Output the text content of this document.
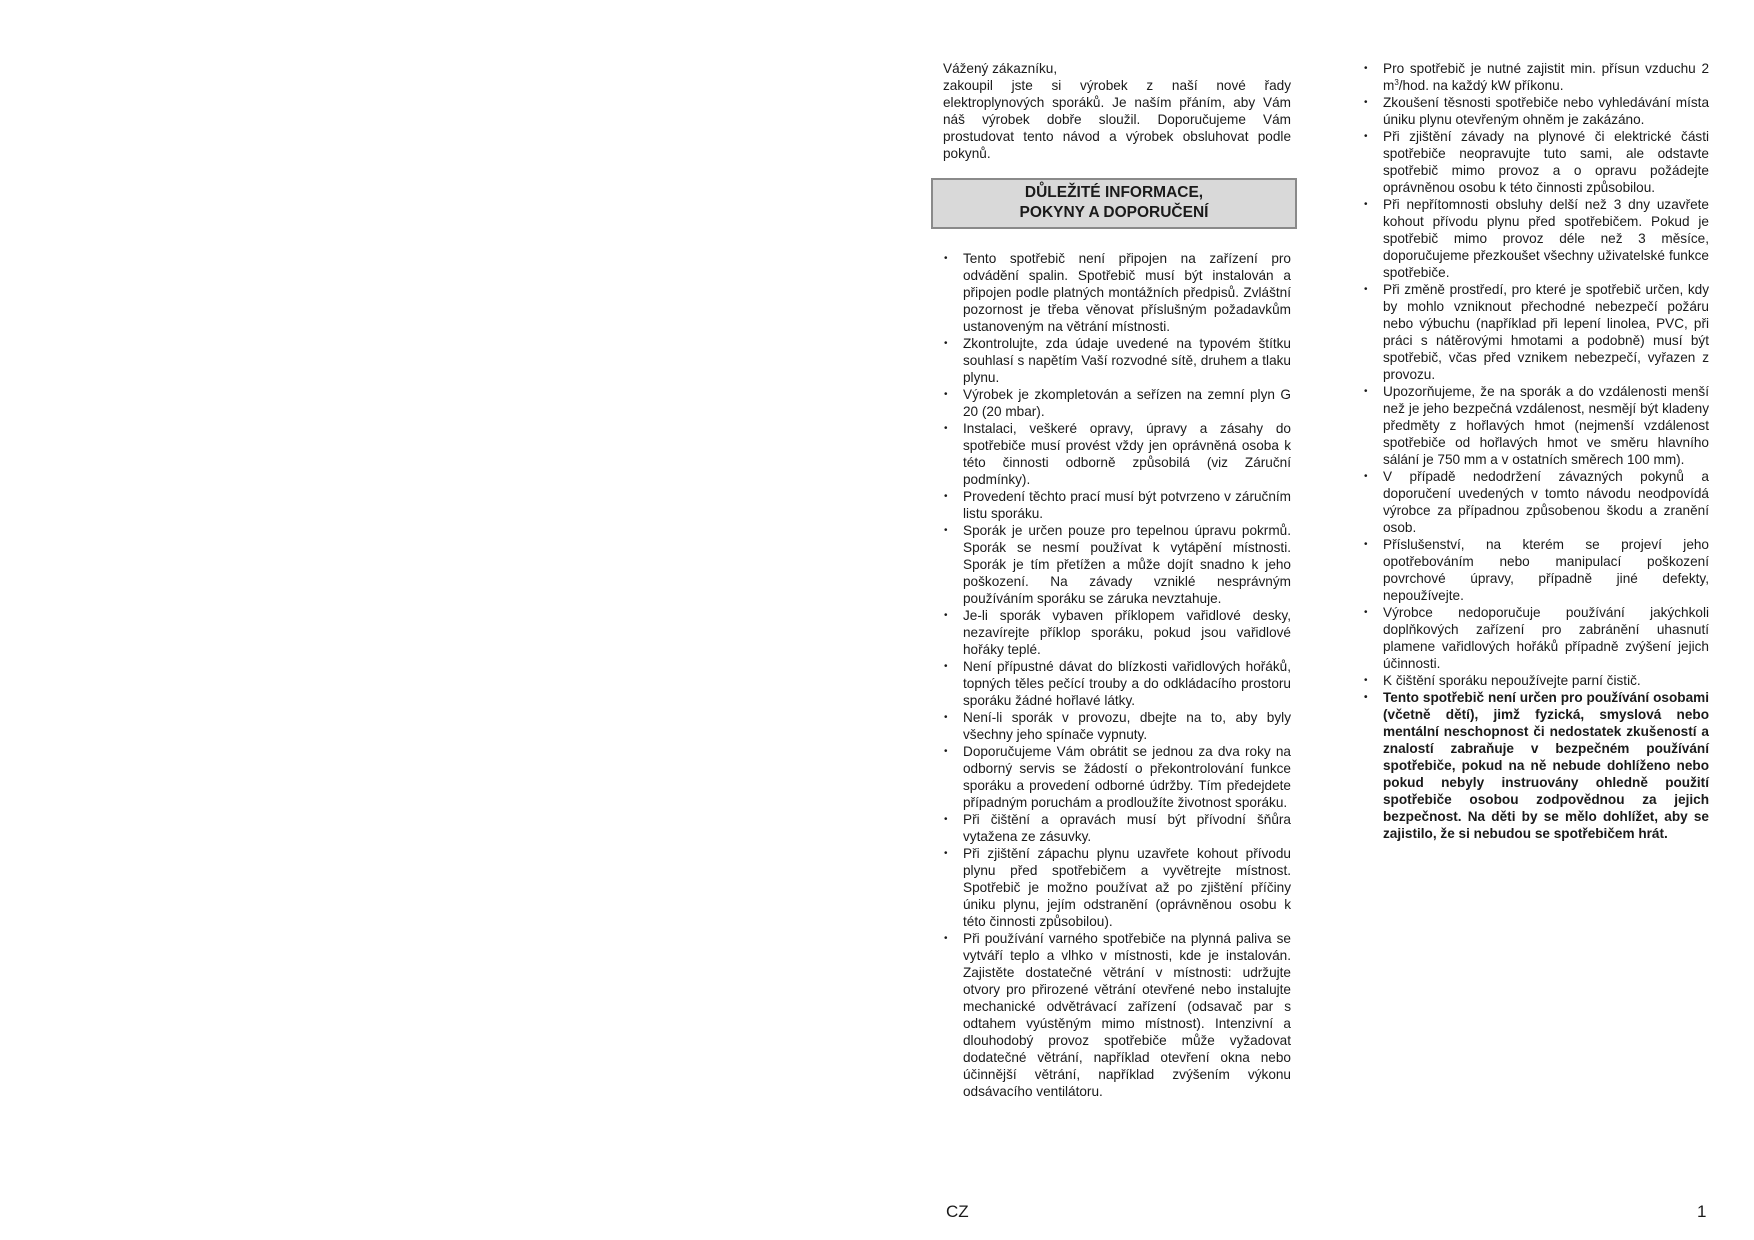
Vážený zákazníku,

zakoupil jste si výrobek z naší nové řady elektroplynových sporáků. Je naším přáním, aby Vám náš výrobek dobře sloužil. Doporučujeme Vám prostudovat tento návod a výrobek obsluhovat podle pokynů.

DŮLEŽITÉ INFORMACE,
POKYNY A DOPORUČENÍ
• Tento spotřebič není připojen na zařízení pro odvádění spalin. Spotřebič musí být instalován a připojen podle platných montážních předpisů. Zvláštní pozornost je třeba věnovat příslušným požadavkům ustanoveným na větrání místnosti.
• Zkontrolujte, zda údaje uvedené na typovém štítku souhlasí s napětím Vaší rozvodné sítě, druhem a tlaku plynu.
• Výrobek je zkompletován a seřízen na zemní plyn G 20 (20 mbar).
• Instalaci, veškeré opravy, úpravy a zásahy do spotřebiče musí provést vždy jen oprávněná osoba k této činnosti odborně způsobilá (viz Záruční podmínky).
• Provedení těchto prací musí být potvrzeno v záručním listu sporáku.
• Sporák je určen pouze pro tepelnou úpravu pokrmů. Sporák se nesmí používat k vytápění místnosti. Sporák je tím přetížen a může dojít snadno k jeho poškození. Na závady vzniklé nesprávným používáním sporáku se záruka nevztahuje.
• Je-li sporák vybaven příklopem vařidlové desky, nezavírejte příklop sporáku, pokud jsou vařidlové hořáky teplé.
• Není přípustné dávat do blízkosti vařidlových hořáků, topných těles pečící trouby a do odkládacího prostoru sporáku žádné hořlavé látky.
• Není-li sporák v provozu, dbejte na to, aby byly všechny jeho spínače vypnuty.
• Doporučujeme Vám obrátit se jednou za dva roky na odborný servis se žádostí o překontrolování funkce sporáku a provedení odborné údržby. Tím předejdete případným poruchám a prodloužíte životnost sporáku.
• Při čištění a opravách musí být přívodní šňůra vytažena ze zásuvky.
• Při zjištění zápachu plynu uzavřete kohout přívodu plynu před spotřebičem a vyvětrejte místnost. Spotřebič je možno používat až po zjištění příčiny úniku plynu, jejím odstranění (oprávněnou osobu k této činnosti způsobilou).
• Při používání varného spotřebiče na plynná paliva se vytváří teplo a vlhko v místnosti, kde je instalován. Zajistěte dostatečné větrání v místnosti: udržujte otvory pro přirozené větrání otevřené nebo instalujte mechanické odvětrávací zařízení (odsavač par s odtahem vyústěným mimo místnost). Intenzivní a dlouhodobý provoz spotřebiče může vyžadovat dodatečné větrání, například otevření okna nebo účinnější větrání, například zvýšením výkonu odsávacího ventilátoru.
• Pro spotřebič je nutné zajistit min. přísun vzduchu 2 $m^3$/hod. na každý kW příkonu.
• Zkoušení těsnosti spotřebiče nebo vyhledávání místa úniku plynu otevřeným ohněm je zakázáno.
• Při zjištění závady na plynové či elektrické části spotřebiče neopravujte tuto sami, ale odstavte spotřebič mimo provoz a o opravu požádejte oprávněnou osobu k této činnosti způsobilou.
• Při nepřítomnosti obsluhy delší než 3 dny uzavřete kohout přívodu plynu před spotřebičem. Pokud je spotřebič mimo provoz déle než 3 měsíce, doporučujeme přezkoušet všechny uživatelské funkce spotřebiče.
• Při změně prostředí, pro které je spotřebič určen, kdy by mohlo vzniknout přechodné nebezpečí požáru nebo výbuchu (například při lepení linolea, PVC, při práci s nátěrovými hmotami a podobně) musí být spotřebič, včas před vznikem nebezpečí, vyřazen z provozu.
• Upozorňujeme, že na sporák a do vzdálenosti menší než je jeho bezpečná vzdálenost, nesmějí být kladeny předměty z hořlavých hmot (nejmenší vzdálenost spotřebiče od hořlavých hmot ve směru hlavního sálání je 750 mm a v ostatních směrech 100 mm).
• V případě nedodržení závazných pokynů a doporučení uvedených v tomto návodu neodpovídá výrobce za případnou způsobenou škodu a zranění osob.
• Příslušenství, na kterém se projeví jeho opotřebováním nebo manipulací poškození povrchové úpravy, případně jiné defekty, nepoužívejte.
• Výrobce nedoporučuje používání jakýchkoli doplňkových zařízení pro zabránění uhasnutí plamene vařidlových hořáků případně zvýšení jejich účinnosti.
• K čištění sporáku nepoužívejte parní čistič.
• Tento spotřebič není určen pro používání osobami (včetně dětí), jimž fyzická, smyslová nebo mentální neschopnost či nedostatek zkušeností a znalostí zabraňuje v bezpečném používání spotřebiče, pokud na ně nebude dohlíženo nebo pokud nebyly instruovány ohledně použití spotřebiče osobou zodpovědnou za jejich bezpečnost. Na děti by se mělo dohlížet, aby se zajistilo, že si nebudou se spotřebičem hrát.
CZ	1
